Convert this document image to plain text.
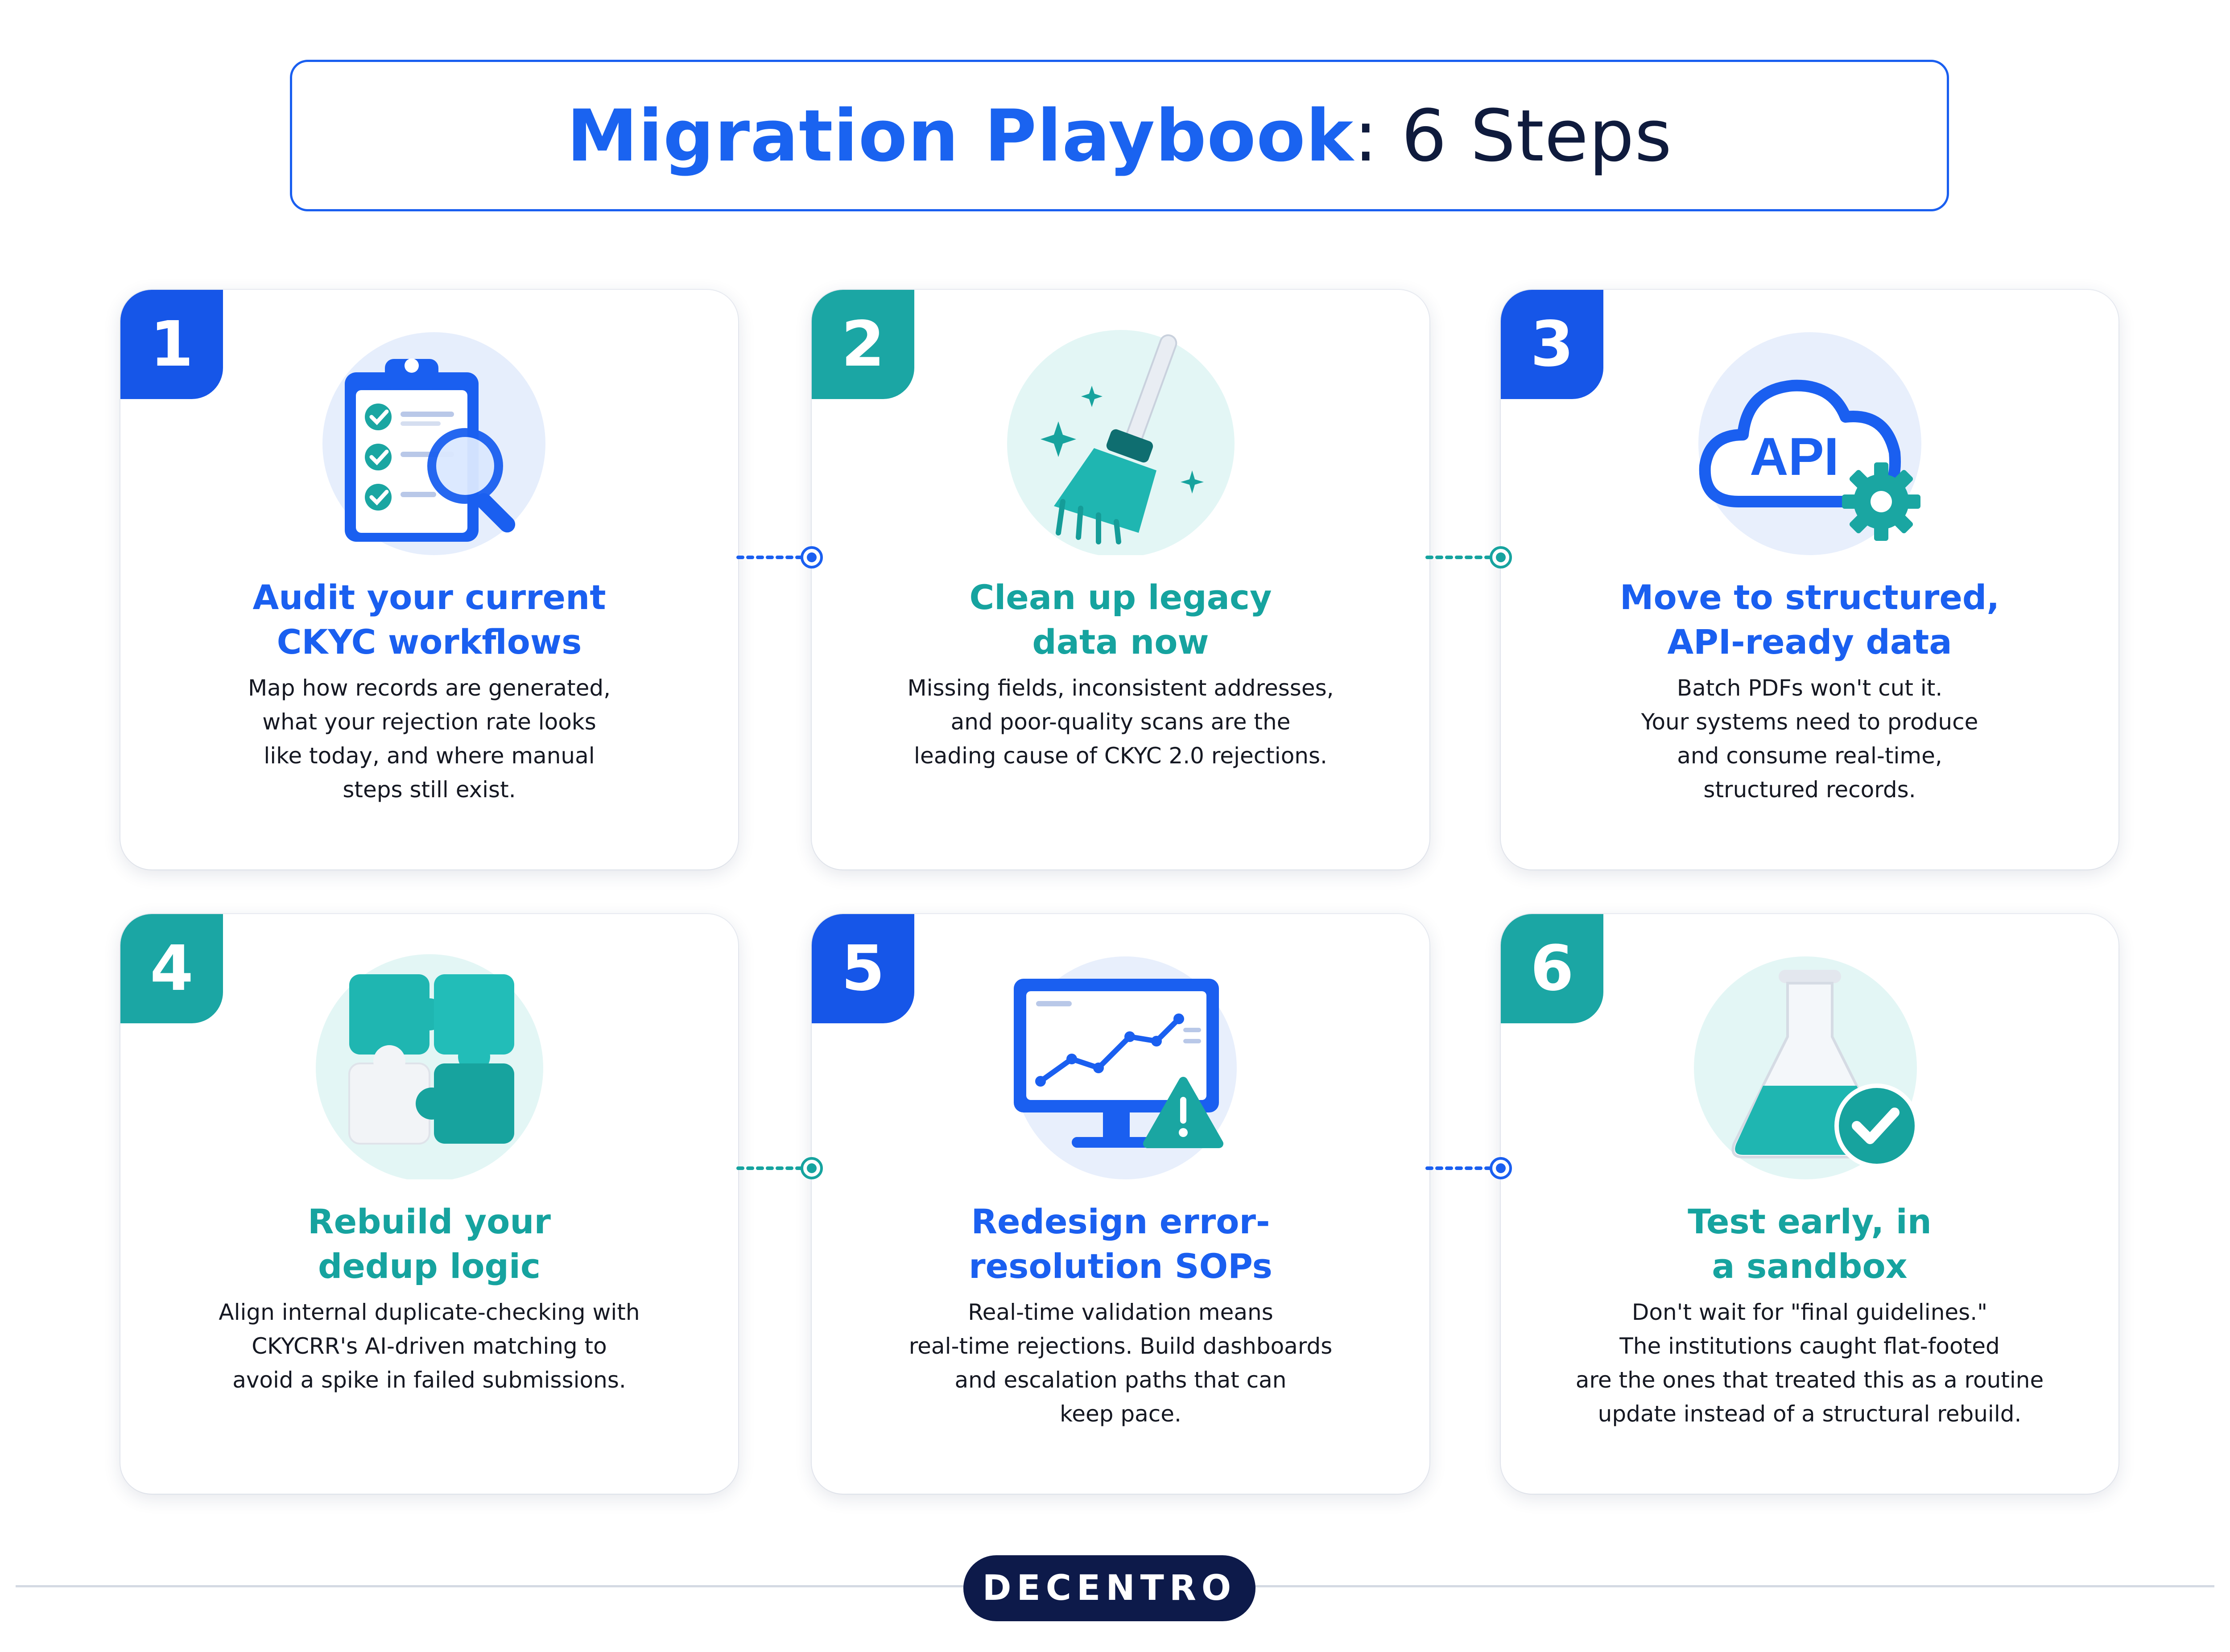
Migration Playbook: 6 Steps
1
Audit your current
CKYC workflows
Map how records are generated,
what your rejection rate looks
like today, and where manual
steps still exist.
2
Clean up legacy
data now
Missing fields, inconsistent addresses,
and poor-quality scans are the
leading cause of CKYC 2.0 rejections.
3
API
Move to structured,
API-ready data
Batch PDFs won't cut it.
Your systems need to produce
and consume real-time,
structured records.
4
Rebuild your
dedup logic
Align internal duplicate-checking with
CKYCRR's AI-driven matching to
avoid a spike in failed submissions.
5
Redesign error-
resolution SOPs
Real-time validation means
real-time rejections. Build dashboards
and escalation paths that can
keep pace.
6
Test early, in
a sandbox
Don't wait for "final guidelines."
The institutions caught flat-footed
are the ones that treated this as a routine
update instead of a structural rebuild.
DECENTRO
